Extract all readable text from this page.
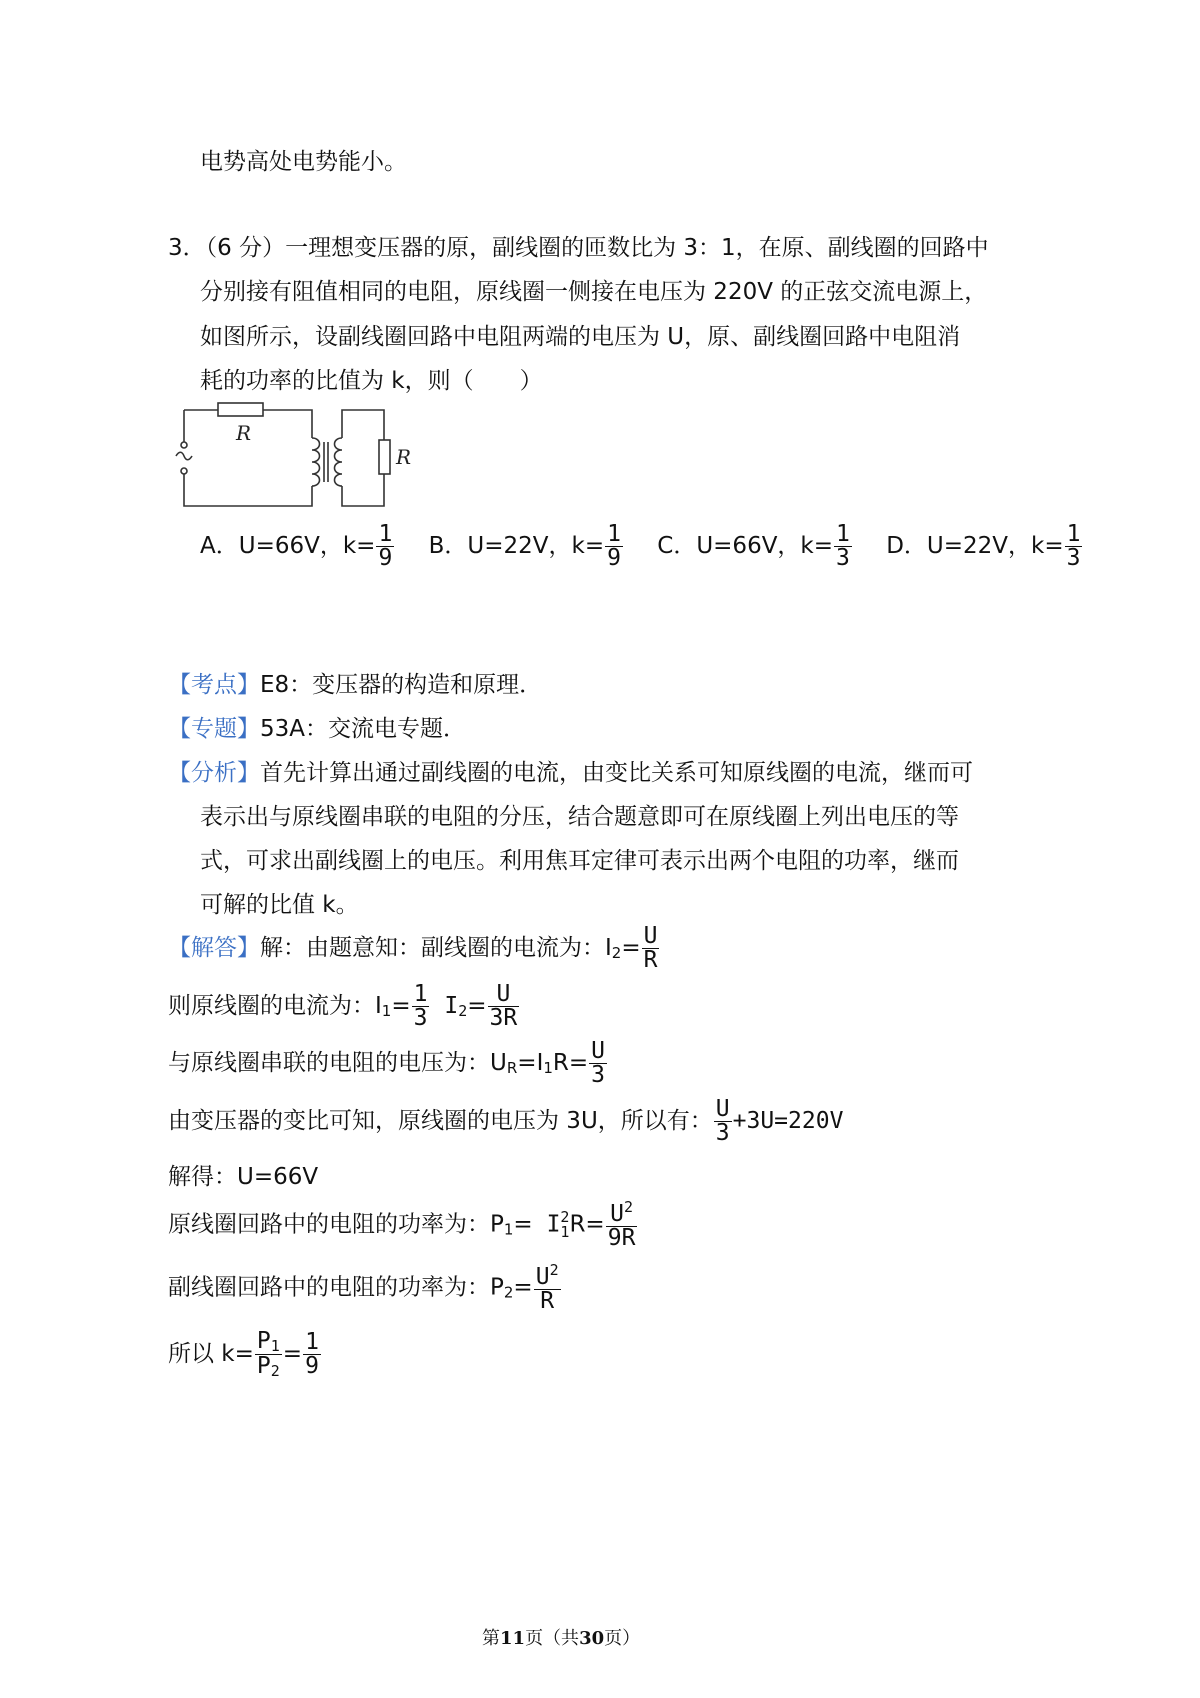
电势高处电势能小。
3．（6 分）一理想变压器的原，副线圈的匝数比为 3：1，在原、副线圈的回路中
分别接有阻值相同的电阻，原线圈一侧接在电压为 220V 的正弦交流电源上，
如图所示，设副线圈回路中电阻两端的电压为 U，原、副线圈回路中电阻消
耗的功率的比值为 k，则（　　）
R
R
A．U=66V，$k= \frac{1}{9}$ B．U=22V，$k= \frac{1}{9}$ C．U=66V，$k= \frac{1}{3}$ D．U=22V，$k= \frac{1}{3}$
【考点】E8：变压器的构造和原理．
【专题】53A：交流电专题．
【分析】首先计算出通过副线圈的电流，由变比关系可知原线圈的电流，继而可
表示出与原线圈串联的电阻的分压，结合题意即可在原线圈上列出电压的等
式，可求出副线圈上的电压。利用焦耳定律可表示出两个电阻的功率，继而
可解的比值 k。
【解答】解：由题意知：副线圈的电流为：$I_2= \frac{U}{R}$
则原线圈的电流为：$I_1= \frac{1}{3} I_2= \frac{U}{3R}$
与原线圈串联的电阻的电压为：$U_R=I_1R= \frac{U}{3}$
由变压器的变比可知，原线圈的电压为 3U，所以有： $\frac{U}{3} +3U=220V$
解得：U=66V
原线圈回路中的电阻的功率为：$P_1= I$ 2
1 $R= \frac{U^2}{9R}$
副线圈回路中的电阻的功率为：$P_2= \frac{U^2}{R}$
所以 $k= \frac{P_1}{P_2} = \frac{1}{9}$
第11页（共30页）
